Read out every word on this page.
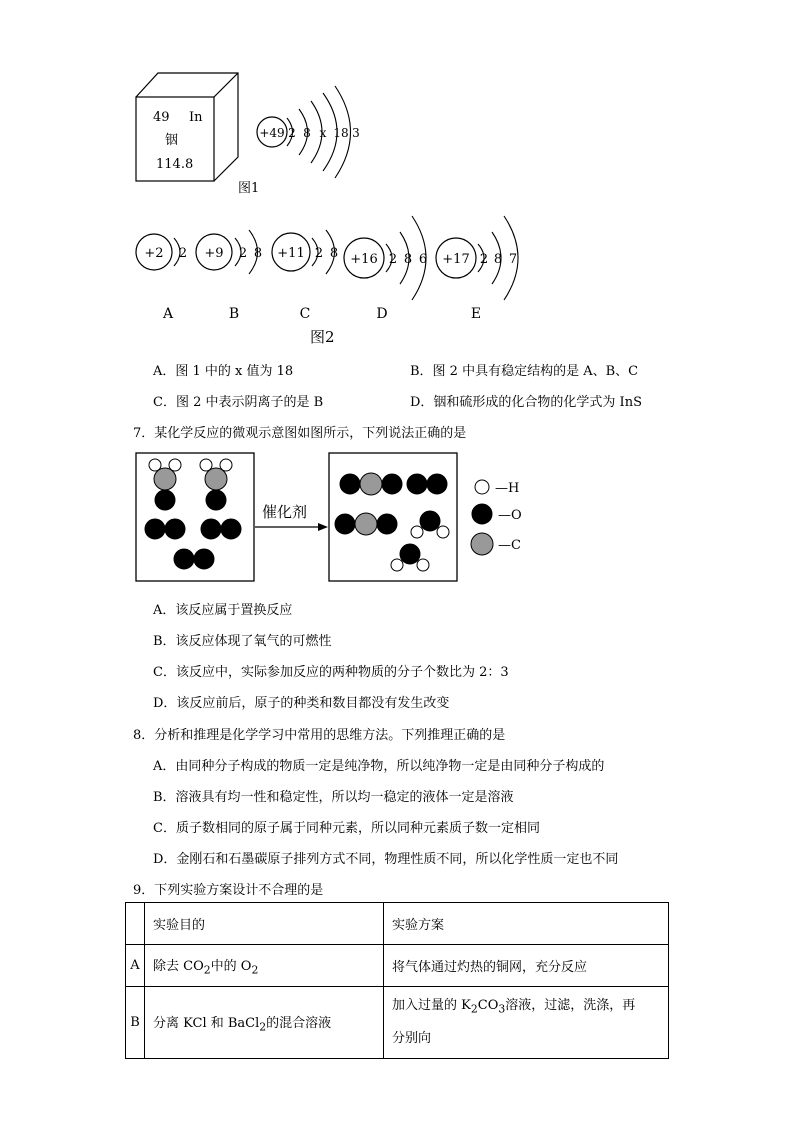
49 In
铟
114.8
图1
+49 2 8 x 18 3
+2 2
A
+9 2 8
B
+11 2 8
C
+16 2 8 6
D
+17 2 8 7
E
图2
A．图 1 中的 x 值为 18	B．图 2 中具有稳定结构的是 A、B、C
C．图 2 中表示阴离子的是 B	D．铟和硫形成的化合物的化学式为 InS
7．某化学反应的微观示意图如图所示，下列说法正确的是
催化剂
—H
—O
—C
A．该反应属于置换反应
B．该反应体现了氧气的可燃性
C．该反应中，实际参加反应的两种物质的分子个数比为 2：3
D．该反应前后，原子的种类和数目都没有发生改变
8．分析和推理是化学学习中常用的思维方法。下列推理正确的是
A．由同种分子构成的物质一定是纯净物，所以纯净物一定是由同种分子构成的
B．溶液具有均一性和稳定性，所以均一稳定的液体一定是溶液
C．质子数相同的原子属于同种元素，所以同种元素质子数一定相同
D．金刚石和石墨碳原子排列方式不同，物理性质不同，所以化学性质一定也不同
9．下列实验方案设计不合理的是
	实验目的	实验方案
A	除去 $CO_2$中的 $O_2$	将气体通过灼热的铜网，充分反应
B	分离 KCl 和 BaCl$_2$的混合溶液	加入过量的 $K_2CO_3$溶液，过滤，洗涤，再
分别向
